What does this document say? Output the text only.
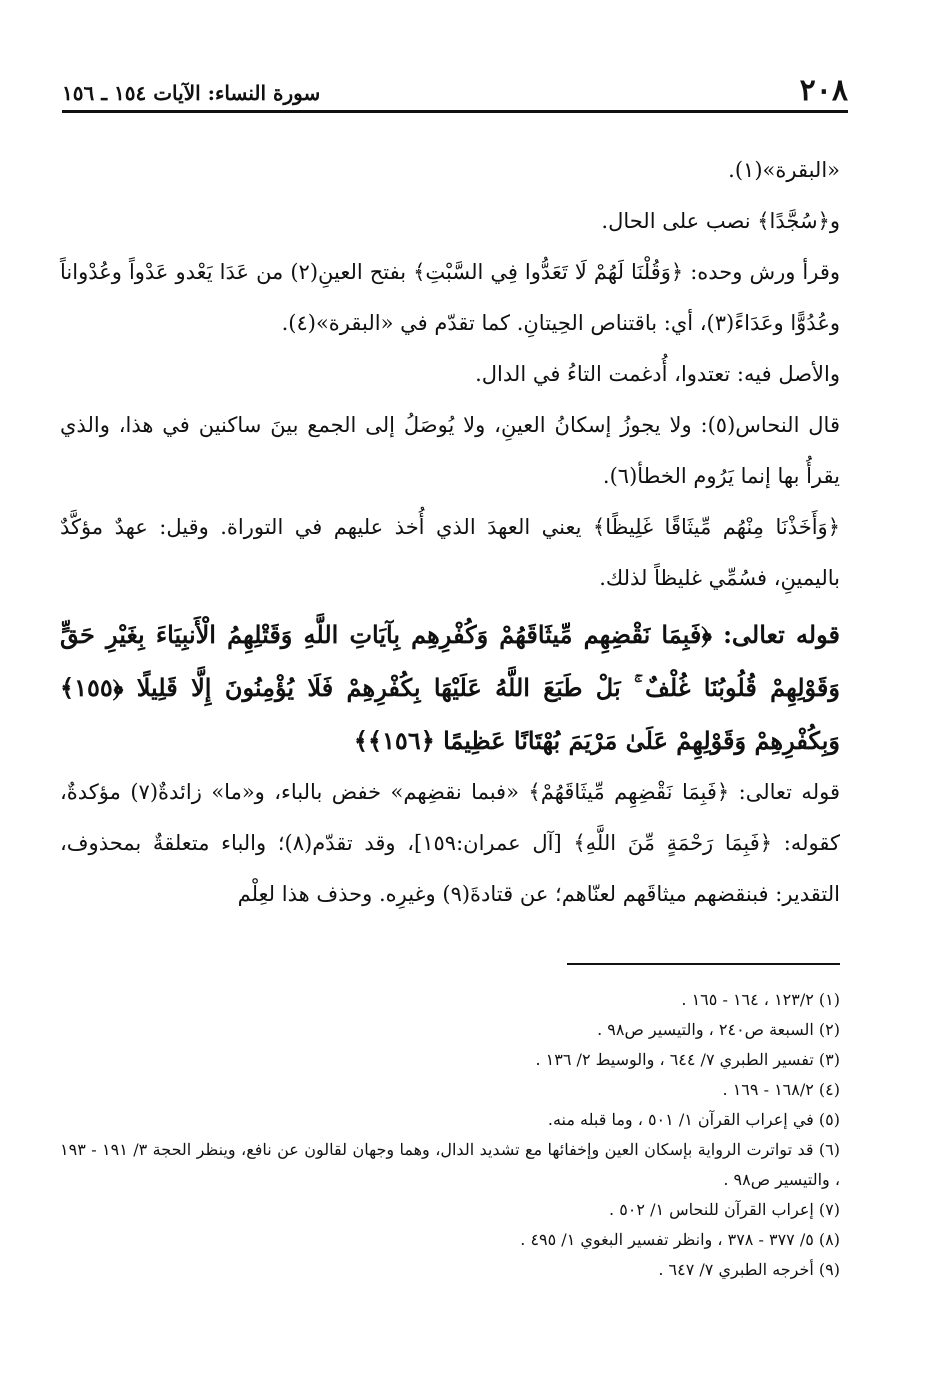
٢٠٨
سورة النساء: الآيات ١٥٤ ـ ١٥٦

«البقرة»(١).

و﴿سُجَّدًا﴾ نصب على الحال.

وقرأ ورش وحده: ﴿وَقُلْنَا لَهُمْ لَا تَعَدُّوا فِي السَّبْتِ﴾ بفتح العينِ(٢) من عَدَا يَعْدو عَدْواً وعُدْواناً وعُدُوًّا وعَدَاءً(٣)، أي: باقتناص الحِيتانِ. كما تقدّم في «البقرة»(٤).

والأصل فيه: تعتدوا، أُدغمت التاءُ في الدال.

قال النحاس(٥): ولا يجوزُ إسكانُ العينِ، ولا يُوصَلُ إلى الجمع بينَ ساكنين في هذا، والذي يقرأُ بها إنما يَرُوم الخطأ(٦).

﴿وَأَخَذْنَا مِنْهُم مِّيثَاقًا غَلِيظًا﴾ يعني العهدَ الذي أُخذ عليهم في التوراة. وقيل: عهدٌ مؤكَّدٌ باليمينِ، فسُمِّي غليظاً لذلك.

قوله تعالى: ﴿فَبِمَا نَقْضِهِم مِّيثَاقَهُمْ وَكُفْرِهِم بِآيَاتِ اللَّهِ وَقَتْلِهِمُ الْأَنبِيَاءَ بِغَيْرِ حَقٍّ وَقَوْلِهِمْ قُلُوبُنَا غُلْفٌ ۚ بَلْ طَبَعَ اللَّهُ عَلَيْهَا بِكُفْرِهِمْ فَلَا يُؤْمِنُونَ إِلَّا قَلِيلًا ﴿١٥٥﴾ وَبِكُفْرِهِمْ وَقَوْلِهِمْ عَلَىٰ مَرْيَمَ بُهْتَانًا عَظِيمًا ﴿١٥٦﴾﴾

قوله تعالى: ﴿فَبِمَا نَقْضِهِم مِّيثَاقَهُمْ﴾ «فبما نقضِهم» خفض بالباء، و«ما» زائدةٌ(٧) مؤكدةٌ، كقوله: ﴿فَبِمَا رَحْمَةٍ مِّنَ اللَّهِ﴾ [آل عمران:١٥٩]، وقد تقدّم(٨)؛ والباء متعلقةٌ بمحذوف، التقدير: فبنقضهم ميثاقَهم لعنّاهم؛ عن قتادةَ(٩) وغيرِه. وحذف هذا لعِلْم

(١) ١٢٣/٢ ، ١٦٤ - ١٦٥ .

(٢) السبعة ص٢٤٠ ، والتيسير ص٩٨ .

(٣) تفسير الطبري ٧/ ٦٤٤ ، والوسيط ٢/ ١٣٦ .

(٤) ١٦٨/٢ - ١٦٩ .

(٥) في إعراب القرآن ١/ ٥٠١ ، وما قبله منه.

(٦) قد تواترت الرواية بإسكان العين وإخفائها مع تشديد الدال، وهما وجهان لقالون عن نافع، وينظر الحجة ٣/ ١٩١ - ١٩٣ ، والتيسير ص٩٨ .

(٧) إعراب القرآن للنحاس ١/ ٥٠٢ .

(٨) ٥/ ٣٧٧ - ٣٧٨ ، وانظر تفسير البغوي ١/ ٤٩٥ .

(٩) أخرجه الطبري ٧/ ٦٤٧ .
